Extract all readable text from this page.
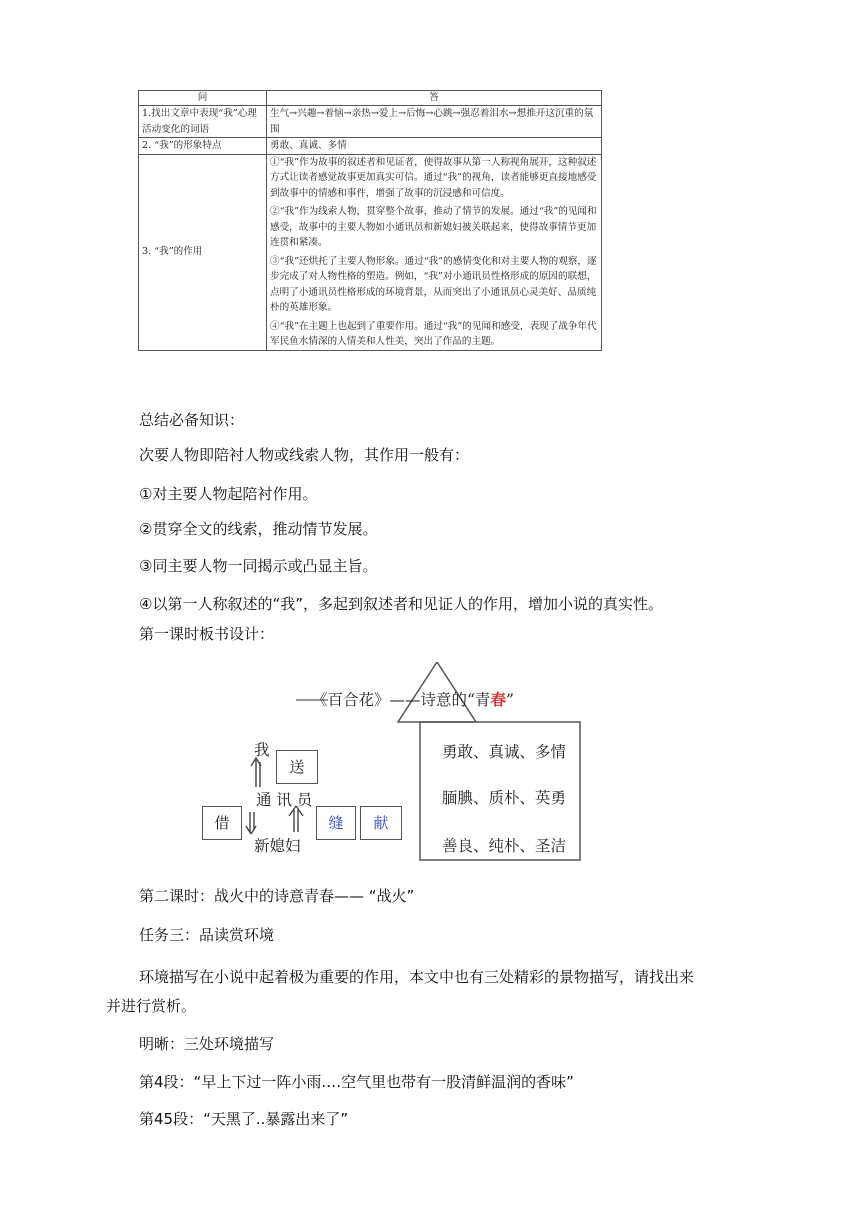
问	答
1.找出文章中表现“我”心理活动变化的词语	生气→兴趣→着恼→亲热→爱上→后悔→心跳→强忍着泪水→想推开这沉重的氛围

2. “我”的形象特点	勇敢、真诚、多情

3. “我”的作用	①“我”作为故事的叙述者和见证者，使得故事从第一人称视角展开，这种叙述方式让读者感觉故事更加真实可信。通过“我”的视角，读者能够更直接地感受到故事中的情感和事件，增强了故事的沉浸感和可信度。

②“我”作为线索人物，贯穿整个故事，推动了情节的发展。通过“我”的见闻和感受，故事中的主要人物如小通讯员和新媳妇被关联起来，使得故事情节更加连贯和紧凑。

③“我”还烘托了主要人物形象。通过“我”的感情变化和对主要人物的观察，逐步完成了对人物性格的塑造。例如，“我”对小通讯员性格形成的原因的联想，点明了小通讯员性格形成的环境背景，从而突出了小通讯员心灵美好、品质纯朴的英雄形象。

④“我”在主题上也起到了重要作用。通过“我”的见闻和感受，表现了战争年代军民鱼水情深的人情美和人性美，突出了作品的主题。

总结必备知识：
次要人物即陪衬人物或线索人物，其作用一般有：
①对主要人物起陪衬作用。
②贯穿全文的线索，推动情节发展。
③同主要人物一同揭示或凸显主旨。
④以第一人称叙述的“我”，多起到叙述者和见证人的作用，增加小说的真实性。
第一课时板书设计：
《百合花》——诗意的“青春”
我
送
通 讯 员
借
新媳妇
缝	献
勇敢、真诚、多情
腼腆、质朴、英勇
善良、纯朴、圣洁
第二课时：战火中的诗意青春—— “战火”
任务三：品读赏环境
环境描写在小说中起着极为重要的作用，本文中也有三处精彩的景物描写，请找出来
并进行赏析。
明晰：三处环境描写
第4段：“早上下过一阵小雨.…空气里也带有一股清鲜温润的香味”
第45段：“天黑了..暴露出来了”
